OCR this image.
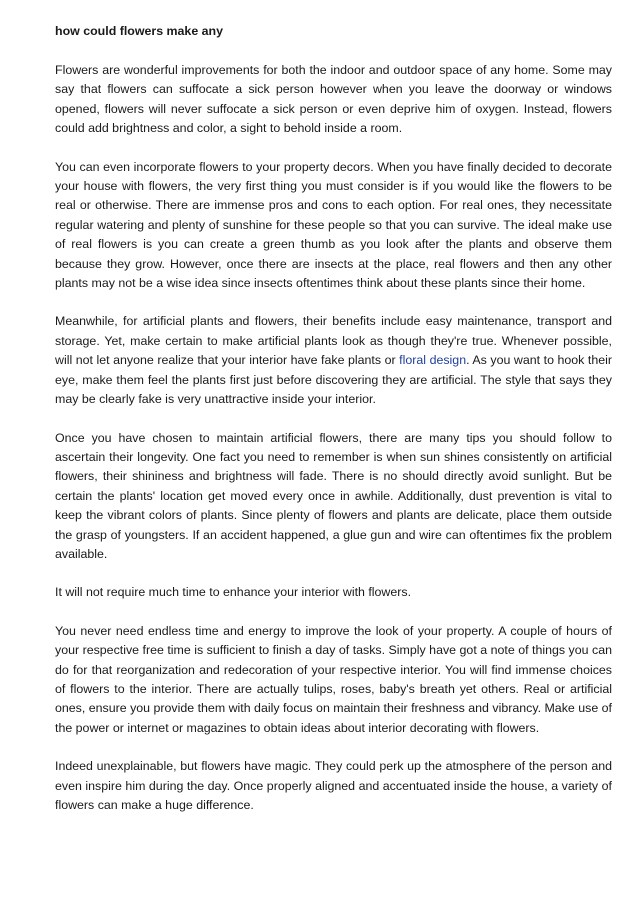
how could flowers make any

Flowers are wonderful improvements for both the indoor and outdoor space of any home. Some may say that flowers can suffocate a sick person however when you leave the doorway or windows opened, flowers will never suffocate a sick person or even deprive him of oxygen. Instead, flowers could add brightness and color, a sight to behold inside a room.

You can even incorporate flowers to your property decors. When you have finally decided to decorate your house with flowers, the very first thing you must consider is if you would like the flowers to be real or otherwise. There are immense pros and cons to each option. For real ones, they necessitate regular watering and plenty of sunshine for these people so that you can survive. The ideal make use of real flowers is you can create a green thumb as you look after the plants and observe them because they grow. However, once there are insects at the place, real flowers and then any other plants may not be a wise idea since insects oftentimes think about these plants since their home.

Meanwhile, for artificial plants and flowers, their benefits include easy maintenance, transport and storage. Yet, make certain to make artificial plants look as though they're true. Whenever possible, will not let anyone realize that your interior have fake plants or floral design. As you want to hook their eye, make them feel the plants first just before discovering they are artificial. The style that says they may be clearly fake is very unattractive inside your interior.

Once you have chosen to maintain artificial flowers, there are many tips you should follow to ascertain their longevity. One fact you need to remember is when sun shines consistently on artificial flowers, their shininess and brightness will fade. There is no should directly avoid sunlight. But be certain the plants' location get moved every once in awhile. Additionally, dust prevention is vital to keep the vibrant colors of plants. Since plenty of flowers and plants are delicate, place them outside the grasp of youngsters. If an accident happened, a glue gun and wire can oftentimes fix the problem available.

It will not require much time to enhance your interior with flowers.

You never need endless time and energy to improve the look of your property. A couple of hours of your respective free time is sufficient to finish a day of tasks. Simply have got a note of things you can do for that reorganization and redecoration of your respective interior. You will find immense choices of flowers to the interior. There are actually tulips, roses, baby's breath yet others. Real or artificial ones, ensure you provide them with daily focus on maintain their freshness and vibrancy. Make use of the power or internet or magazines to obtain ideas about interior decorating with flowers.

Indeed unexplainable, but flowers have magic. They could perk up the atmosphere of the person and even inspire him during the day. Once properly aligned and accentuated inside the house, a variety of flowers can make a huge difference.
